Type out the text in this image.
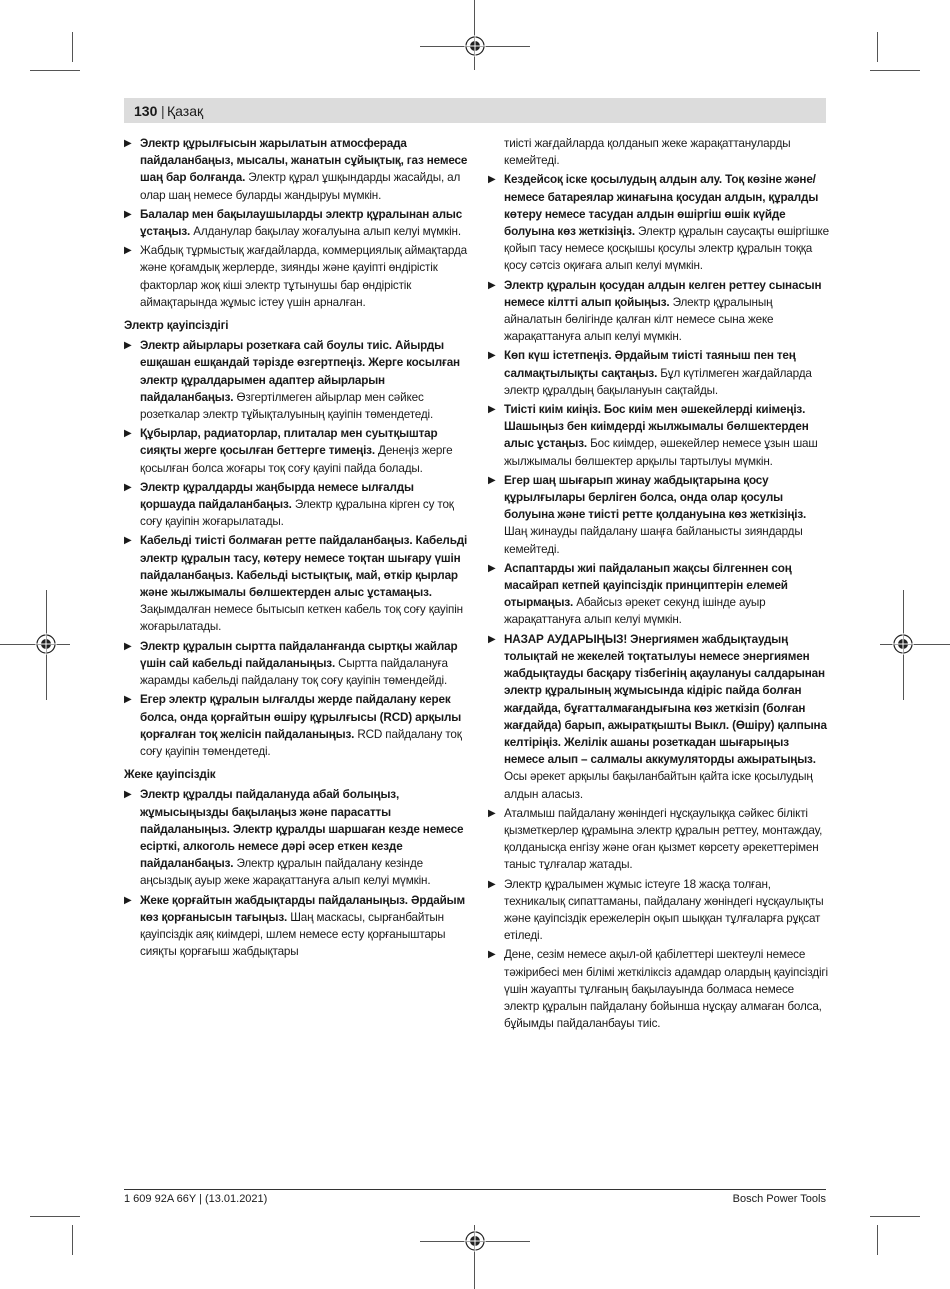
130 | Қазақ
▶ Электр құрылғысын жарылатын атмосферада пайдаланбаңыз, мысалы, жанатын сұйықтық, газ немесе шаң бар болғанда. Электр құрал ұшқындарды жасайды, ал олар шаң немесе буларды жандыруы мүмкін.
▶ Балалар мен бақылаушыларды электр құралынан алыс ұстаңыз. Алданулар бақылау жоғалуына алып келуі мүмкін.
▶ Жабдық тұрмыстық жағдайларда, коммерциялық аймақтарда және қоғамдық жерлерде, зиянды және қауіпті өндірістік факторлар жоқ кіші электр тұтынушы бар өндірістік аймақтарында жұмыс істеу үшін арналған.
Электр қауіпсіздігі
▶ Электр айырлары розеткаға сай боулы тиіс. Айырды ешқашан ешқандай тәрізде өзгертпеңіз. Жерге косылған электр құралдарымен адаптер айырларын пайдаланбаңыз. Өзгертілмеген айырлар мен сәйкес розеткалар электр тұйықталуының қауіпін төмендетеді.
▶ Құбырлар, радиаторлар, плиталар мен суытқыштар сияқты жерге қосылған беттерге тимеңіз. Денеңіз жерге қосылған болса жоғары тоқ соғу қауіпі пайда болады.
▶ Электр құралдарды жаңбырда немесе ылғалды қоршауда пайдаланбаңыз. Электр құралына кірген су тоқ соғу қауіпін жоғарылатады.
▶ Кабельді тиісті болмаған ретте пайдаланбаңыз. Кабельді электр құралын тасу, көтеру немесе тоқтан шығару үшін пайдаланбаңыз. Кабельді ыстықтық, май, өткір қырлар және жылжымалы бөлшектерден алыс ұстамаңыз. Зақымдалған немесе бытысып кеткен кабель тоқ соғу қауіпін жоғарылатады.
▶ Электр құралын сыртта пайдаланғанда сыртқы жайлар үшін сай кабельді пайдаланыңыз. Сыртта пайдалануға жарамды кабельді пайдалану тоқ соғу қауіпін төмендейді.
▶ Егер электр құралын ылғалды жерде пайдалану керек болса, онда қорғайтын өшіру құрылғысы (RCD) арқылы қорғалған тоқ желісін пайдаланыңыз. RCD пайдалану тоқ соғу қауіпін төмендетеді.
Жеке қауіпсіздік
▶ Электр құралды пайдалануда абай болыңыз, жұмысыңызды бақылаңыз және парасатты пайдаланыңыз. Электр құралды шаршаған кезде немесе есірткі, алкоголь немесе дәрі әсер еткен кезде пайдаланбаңыз. Электр құралын пайдалану кезінде аңсыздық ауыр жеке жарақаттануға алып келуі мүмкін.
▶ Жеке қорғайтын жабдықтарды пайдаланыңыз. Әрдайым көз қорғанысын тағыңыз. Шаң маскасы, сырғанбайтын қауіпсіздік аяқ киімдері, шлем немесе есту қорғаныштары сияқты қорғағыш жабдықтары
тиісті жағдайларда қолданып жеке жарақаттануларды кемейтеді.
▶ Кездейсоқ іске қосылудың алдын алу. Тоқ көзіне және/немесе батареялар жинағына қосудан алдын, құралды көтеру немесе тасудан алдын өшіргіш өшік күйде болуына көз жеткізіңіз. Электр құралын саусақты өшіргішке қойып тасу немесе қосқышы қосулы электр құралын тоққа қосу сәтсіз оқиғаға алып келуі мүмкін.
▶ Электр құралын қосудан алдын келген реттеу сынасын немесе кілтті алып қойыңыз. Электр құралының айналатын бөлігінде қалған кілт немесе сына жеке жарақаттануға алып келуі мүмкін.
▶ Көп күш істетпеңіз. Әрдайым тиісті таяныш пен тең салмақтылықты сақтаңыз. Бұл күтілмеген жағдайларда электр құралдың бақылануын сақтайды.
▶ Тиісті киім киіңіз. Бос киім мен әшекейлерді киімеңіз. Шашыңыз бен киімдерді жылжымалы бөлшектерден алыс ұстаңыз. Бос киімдер, әшекейлер немесе ұзын шаш жылжымалы бөлшектер арқылы тартылуы мүмкін.
▶ Егер шаң шығарып жинау жабдықтарына қосу құрылғылары берліген болса, онда олар қосулы болуына және тиісті ретте қолдануына көз жеткізіңіз. Шаң жинауды пайдалану шаңға байланысты зияндарды кемейтеді.
▶ Аспаптарды жиі пайдаланып жақсы білгеннен соң масайрап кетпей қауіпсіздік принциптерін елемей отырмаңыз. Абайсыз әрекет секунд ішінде ауыр жарақаттануға алып келуі мүмкін.
▶ НАЗАР АУДАРЫҢЫЗ! Энергиямен жабдықтаудың толықтай не жекелей тоқтатылуы немесе энергиямен жабдықтауды басқару тізбегінің ақаулануы салдарынан электр құралының жұмысында кідіріс пайда болған жағдайда, бұғатталмағандығына көз жеткізіп (болған жағдайда) барып, ажыратқышты Выкл. (Өшіру) қалпына келтіріңіз. Желілік ашаны розеткадан шығарыңыз немесе алып – салмалы аккумуляторды ажыратыңыз. Осы әрекет арқылы бақыланбайтын қайта іске қосылудың алдын аласыз.
▶ Аталмыш пайдалану жөніндегі нұсқаулыққа сәйкес білікті қызметкерлер құрамына электр құралын реттеу, монтаждау, қолданысқа енгізу және оған қызмет көрсету әрекеттерімен таныс тұлғалар жатады.
▶ Электр құралымен жұмыс істеуге 18 жасқа толған, техникалық сипаттаманы, пайдалану жөніндегі нұсқаулықты және қауіпсіздік ережелерін оқып шыққан тұлғаларға рұқсат етіледі.
▶ Дене, сезім немесе ақыл-ой қабілеттері шектеулі немесе тәжірибесі мен білімі жеткіліксіз адамдар олардың қауіпсіздігі үшін жауапты тұлғаның бақылауында болмаса немесе электр құралын пайдалану бойынша нұсқау алмаған болса, бұйымды пайдаланбауы тиіс.
1 609 92A 66Y | (13.01.2021)	Bosch Power Tools
